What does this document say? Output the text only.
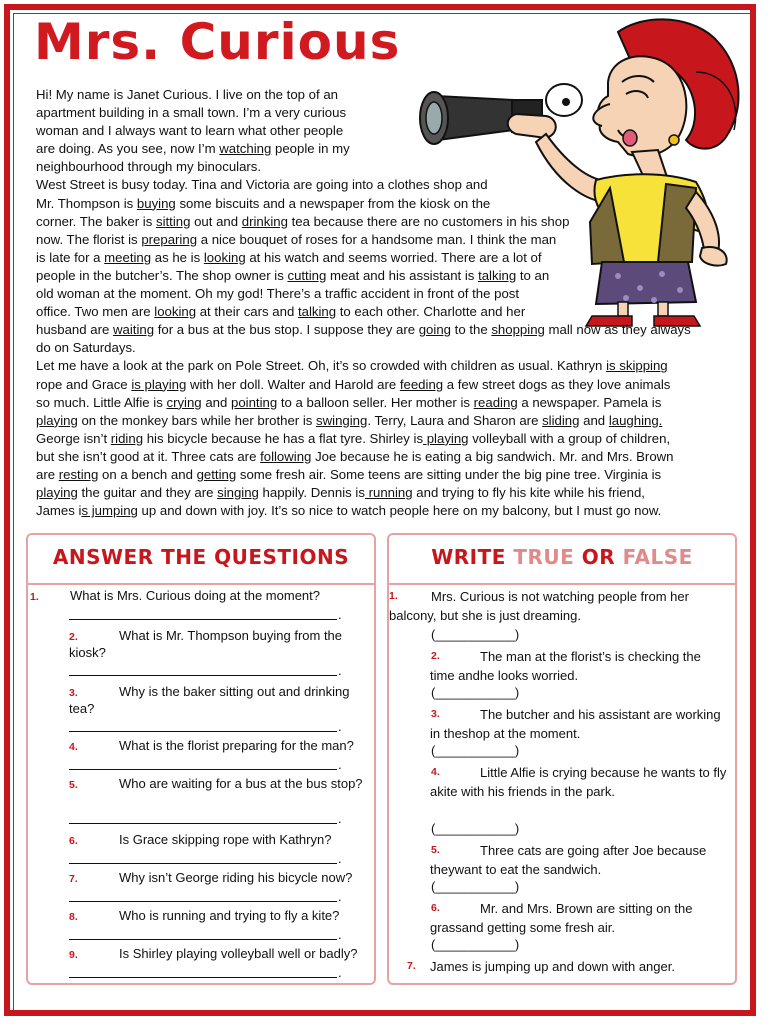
Mrs. Curious
Hi! My name is Janet Curious. I live on the top of an
apartment building in a small town. I’m a very curious
woman and I always want to learn what other people
are doing. As you see, now I’m watching people in my
neighbourhood through my binoculars.
West Street is busy today. Tina and Victoria are going into a clothes shop and
Mr. Thompson is buying some biscuits and a newspaper from the kiosk on the
corner. The baker is sitting out and drinking tea because there are no customers in his shop
now. The florist is preparing a nice bouquet of roses for a handsome man. I think the man
is late for a meeting as he is looking at his watch and seems worried. There are a lot of
people in the butcher’s. The shop owner is cutting meat and his assistant is talking to an
old woman at the moment. Oh my god! There’s a traffic accident in front of the post
office. Two men are looking at their cars and talking to each other. Charlotte and her
husband are waiting for a bus at the bus stop. I suppose they are going to the shopping mall now as they always
do on Saturdays.
Let me have a look at the park on Pole Street. Oh, it’s so crowded with children as usual. Kathryn is skipping
rope and Grace is playing with her doll. Walter and Harold are feeding a few street dogs as they love animals
so much. Little Alfie is crying and pointing to a balloon seller. Her mother is reading a newspaper. Pamela is
playing on the monkey bars while her brother is swinging. Terry, Laura and Sharon are sliding and laughing.
George isn’t riding his bicycle because he has a flat tyre. Shirley is playing volleyball with a group of children,
but she isn’t good at it. Three cats are following Joe because he is eating a big sandwich. Mr. and Mrs. Brown
are resting on a bench and getting some fresh air. Some teens are sitting under the big pine tree. Virginia is
playing the guitar and they are singing happily. Dennis is running and trying to fly his kite while his friend,
James is jumping up and down with joy. It’s so nice to watch people here on my balcony, but I must go now.
ANSWER THE QUESTIONS
1. What is Mrs. Curious doing at the moment?
.
2.	What is Mr. Thompson buying from the kiosk?
.
3.	Why is the baker sitting out and drinking tea?
.
4.	What is the florist preparing for the man?
.
5.	Who are waiting for a bus at the bus stop?
.
6.	Is Grace skipping rope with Kathryn?
.
7.	Why isn’t George riding his bicycle now?
.
8.	Who is running and trying to fly a kite?
.
9.	Is Shirley playing volleyball well or badly?
.
WRITE TRUE OR FALSE
1.	Mrs. Curious is not watching people from her balcony, but she is just dreaming.
(___________)
2.	The man at the florist’s is checking the time andhe looks worried.
(___________)
3.	The butcher and his assistant are working in theshop at the moment.
(___________)
4.	Little Alfie is crying because he wants to fly akite with his friends in the park.
(___________)
5.	Three cats are going after Joe because theywant to eat the sandwich.
(___________)
6.	Mr. and Mrs. Brown are sitting on the grassand getting some fresh air.
(___________)
7. James is jumping up and down with anger.
